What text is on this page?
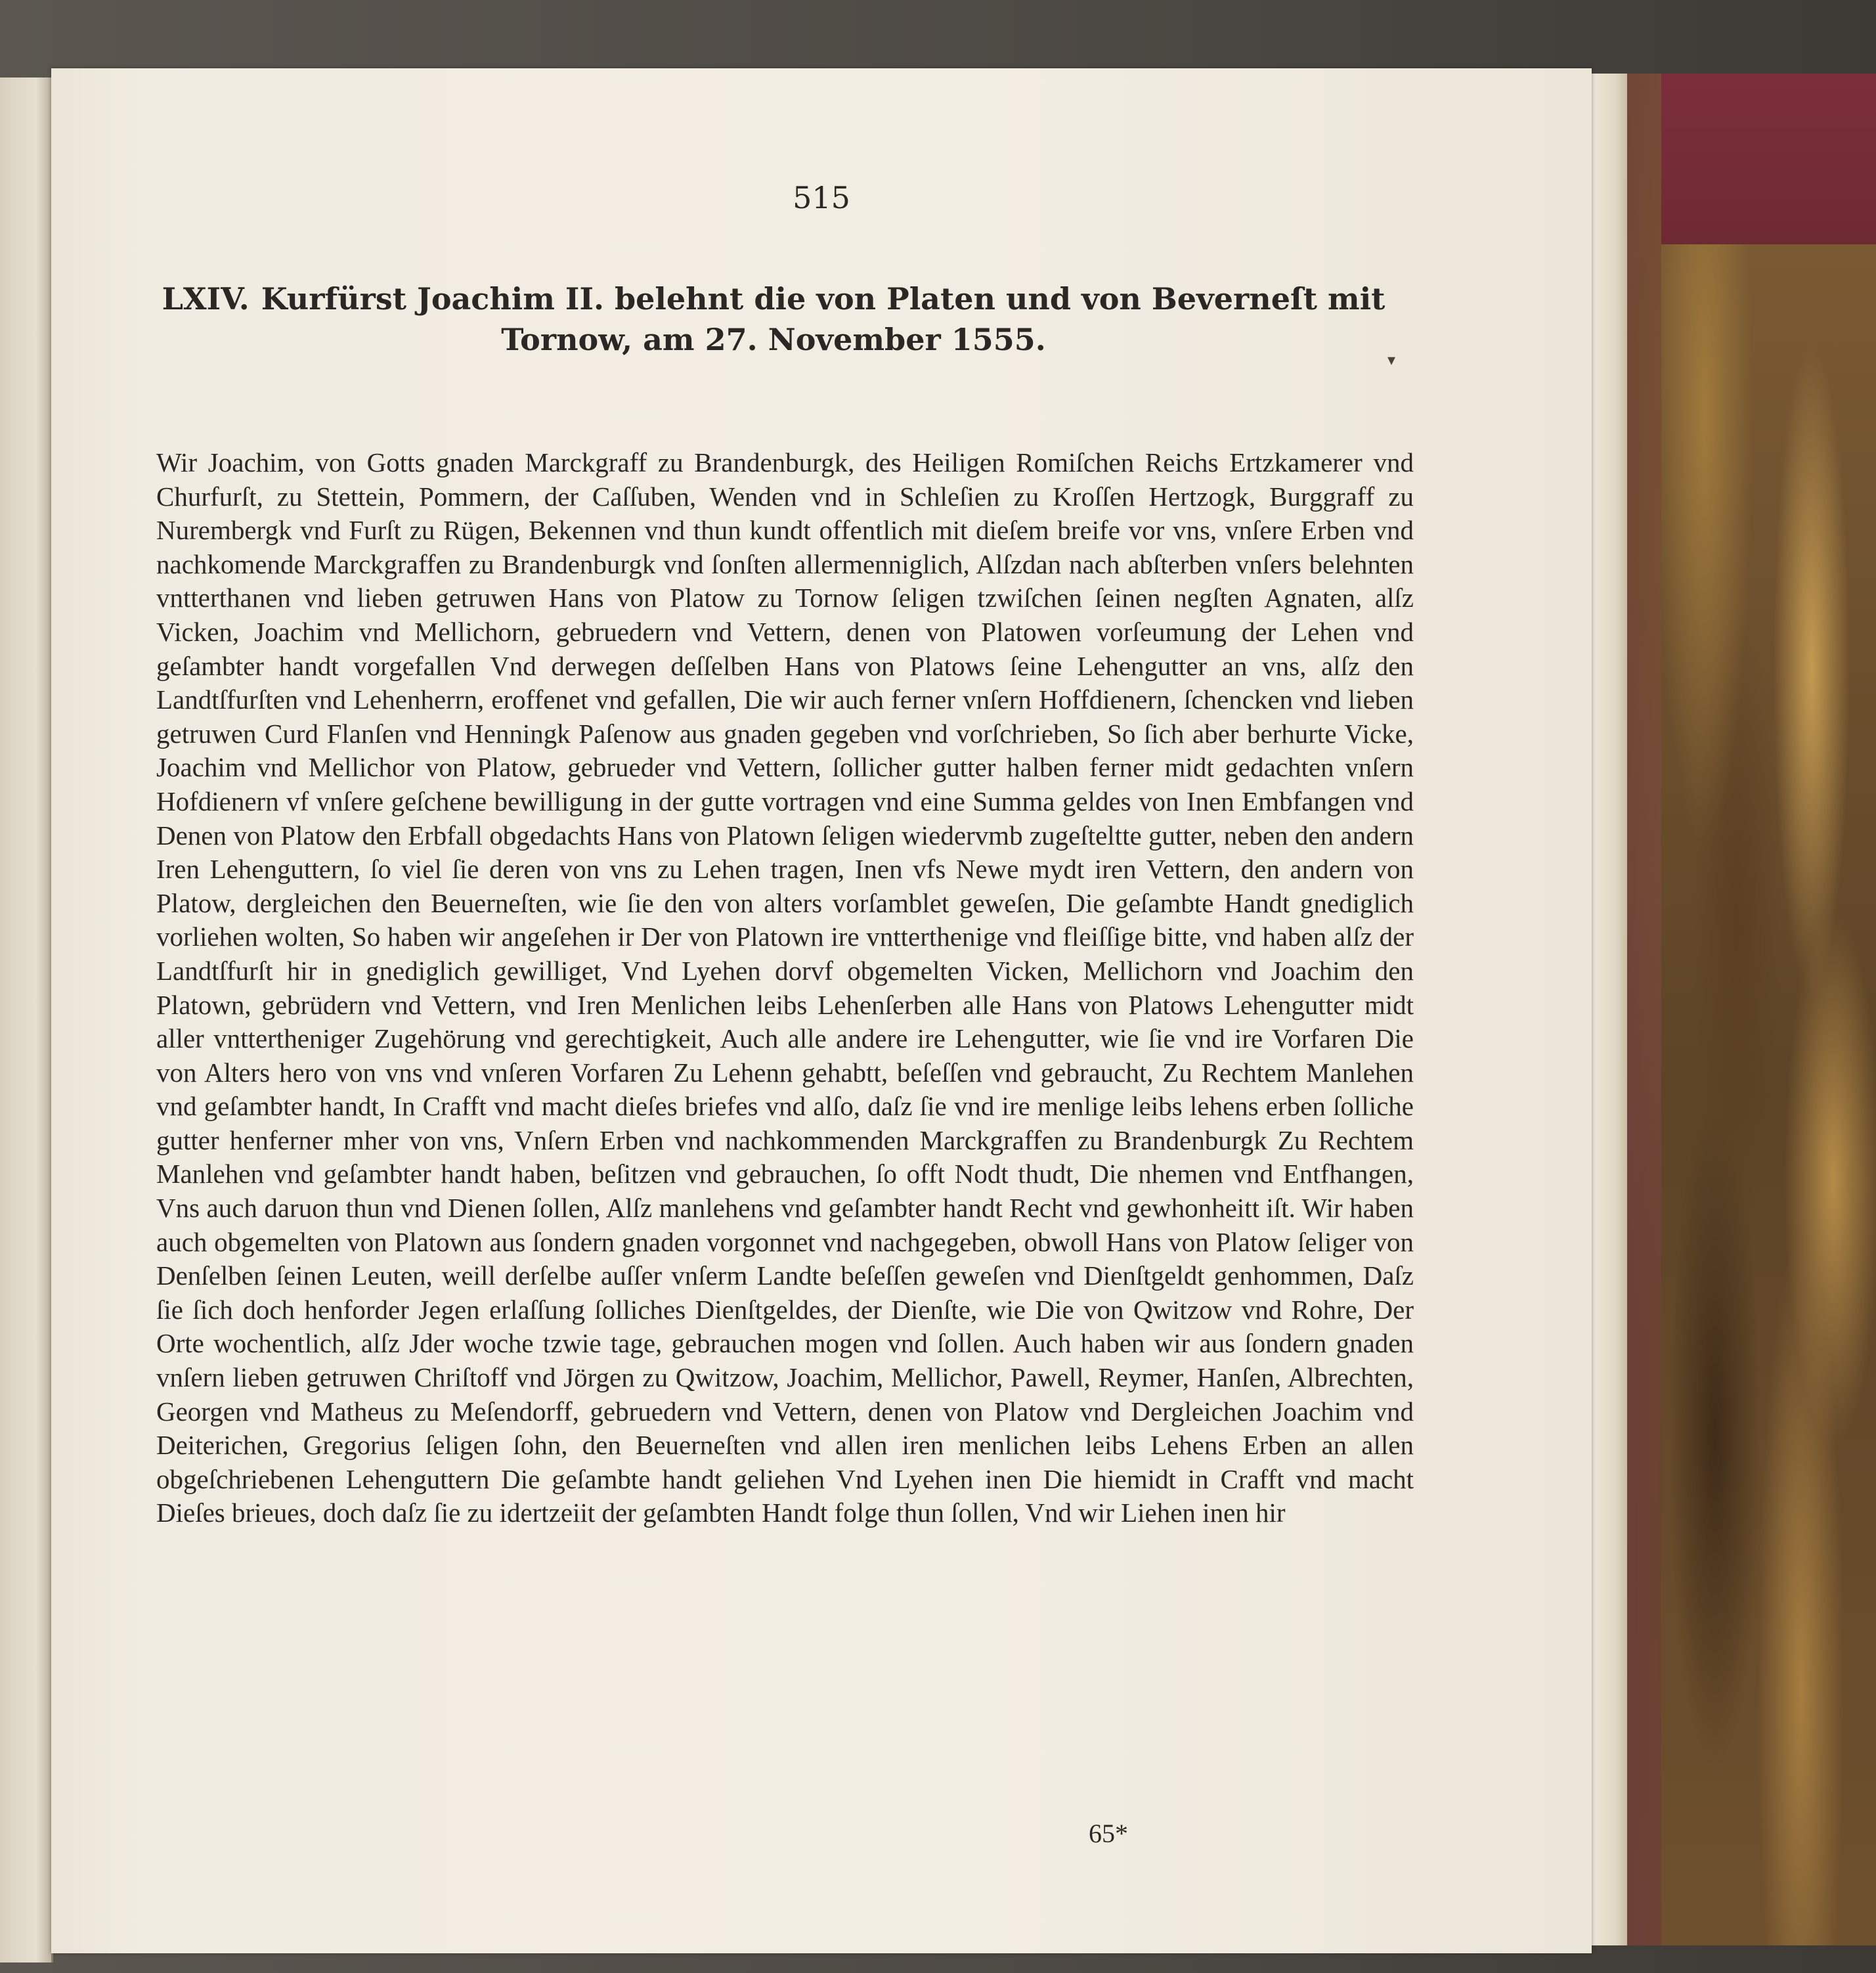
515
LXIV. Kurfürst Joachim II. belehnt die von Platen und von Beverneſt mit Tornow, am 27. November 1555.
Wir Joachim, von Gotts gnaden Marckgraff zu Brandenburgk, des Heiligen Romiſchen Reichs Ertzkamerer vnd Churfurſt, zu Stettein, Pommern, der Caſſuben, Wenden vnd in Schleſien zu Kroſſen Hertzogk, Burggraff zu Nurembergk vnd Furſt zu Rügen, Bekennen vnd thun kundt offentlich mit dieſem breife vor vns, vnſere Erben vnd nachkomende Marckgraffen zu Brandenburgk vnd ſonſten allermenniglich, Alſzdan nach abſterben vnſers belehnten vntterthanen vnd lieben getruwen Hans von Platow zu Tornow ſeligen tzwiſchen ſeinen negſten Agnaten, alſz Vicken, Joachim vnd Mellichorn, gebruedern vnd Vettern, denen von Platowen vorſeumung der Lehen vnd geſambter handt vorgefallen Vnd derwegen deſſelben Hans von Platows ſeine Lehengutter an vns, alſz den Landtſfurſten vnd Lehenherrn, eroffenet vnd gefallen, Die wir auch ferner vnſern Hoffdienern, ſchencken vnd lieben getruwen Curd Flanſen vnd Henningk Paſenow aus gnaden gegeben vnd vorſchrieben, So ſich aber berhurte Vicke, Joachim vnd Mellichor von Platow, gebrueder vnd Vettern, ſollicher gutter halben ferner midt gedachten vnſern Hofdienern vf vnſere geſchene bewilligung in der gutte vortragen vnd eine Summa geldes von Inen Embfangen vnd Denen von Platow den Erbfall obgedachts Hans von Platown ſeligen wiedervmb zugeſteltte gutter, neben den andern Iren Lehenguttern, ſo viel ſie deren von vns zu Lehen tragen, Inen vfs Newe mydt iren Vettern, den andern von Platow, dergleichen den Beuerneſten, wie ſie den von alters vorſamblet geweſen, Die geſambte Handt gnediglich vorliehen wolten, So haben wir angeſehen ir Der von Platown ire vntterthenige vnd fleiſſige bitte, vnd haben alſz der Landtſfurſt hir in gnediglich gewilliget, Vnd Lyehen dorvf obgemelten Vicken, Mellichorn vnd Joachim den Platown, gebrüdern vnd Vettern, vnd Iren Menlichen leibs Lehenſerben alle Hans von Platows Lehengutter midt aller vnttertheniger Zugehörung vnd gerechtigkeit, Auch alle andere ire Lehengutter, wie ſie vnd ire Vorfaren Die von Alters hero von vns vnd vnſeren Vorfaren Zu Lehenn gehabtt, beſeſſen vnd gebraucht, Zu Rechtem Manlehen vnd geſambter handt, In Crafft vnd macht dieſes briefes vnd alſo, daſz ſie vnd ire menlige leibs lehens erben ſolliche gutter henferner mher von vns, Vnſern Erben vnd nachkommenden Marckgraffen zu Brandenburgk Zu Rechtem Manlehen vnd geſambter handt haben, beſitzen vnd gebrauchen, ſo offt Nodt thudt, Die nhemen vnd Entfhangen, Vns auch daruon thun vnd Dienen ſollen, Alſz manlehens vnd geſambter handt Recht vnd gewhonheitt iſt. Wir haben auch obgemelten von Platown aus ſondern gnaden vorgonnet vnd nachgegeben, obwoll Hans von Platow ſeliger von Denſelben ſeinen Leuten, weill derſelbe auſſer vnſerm Landte beſeſſen geweſen vnd Dienſtgeldt genhommen, Daſz ſie ſich doch henforder Jegen erlaſſung ſolliches Dienſtgeldes, der Dienſte, wie Die von Qwitzow vnd Rohre, Der Orte wochentlich, alſz Jder woche tzwie tage, gebrauchen mogen vnd ſollen. Auch haben wir aus ſondern gnaden vnſern lieben getruwen Chriſtoff vnd Jörgen zu Qwitzow, Joachim, Mellichor, Pawell, Reymer, Hanſen, Albrechten, Georgen vnd Matheus zu Meſendorff, gebruedern vnd Vettern, denen von Platow vnd Dergleichen Joachim vnd Deiterichen, Gregorius ſeligen ſohn, den Beuerneſten vnd allen iren menlichen leibs Lehens Erben an allen obgeſchriebenen Lehenguttern Die geſambte handt geliehen Vnd Lyehen inen Die hiemidt in Crafft vnd macht Dieſes brieues, doch daſz ſie zu idertzeiit der geſambten Handt folge thun ſollen, Vnd wir Liehen inen hir
65*
▾
